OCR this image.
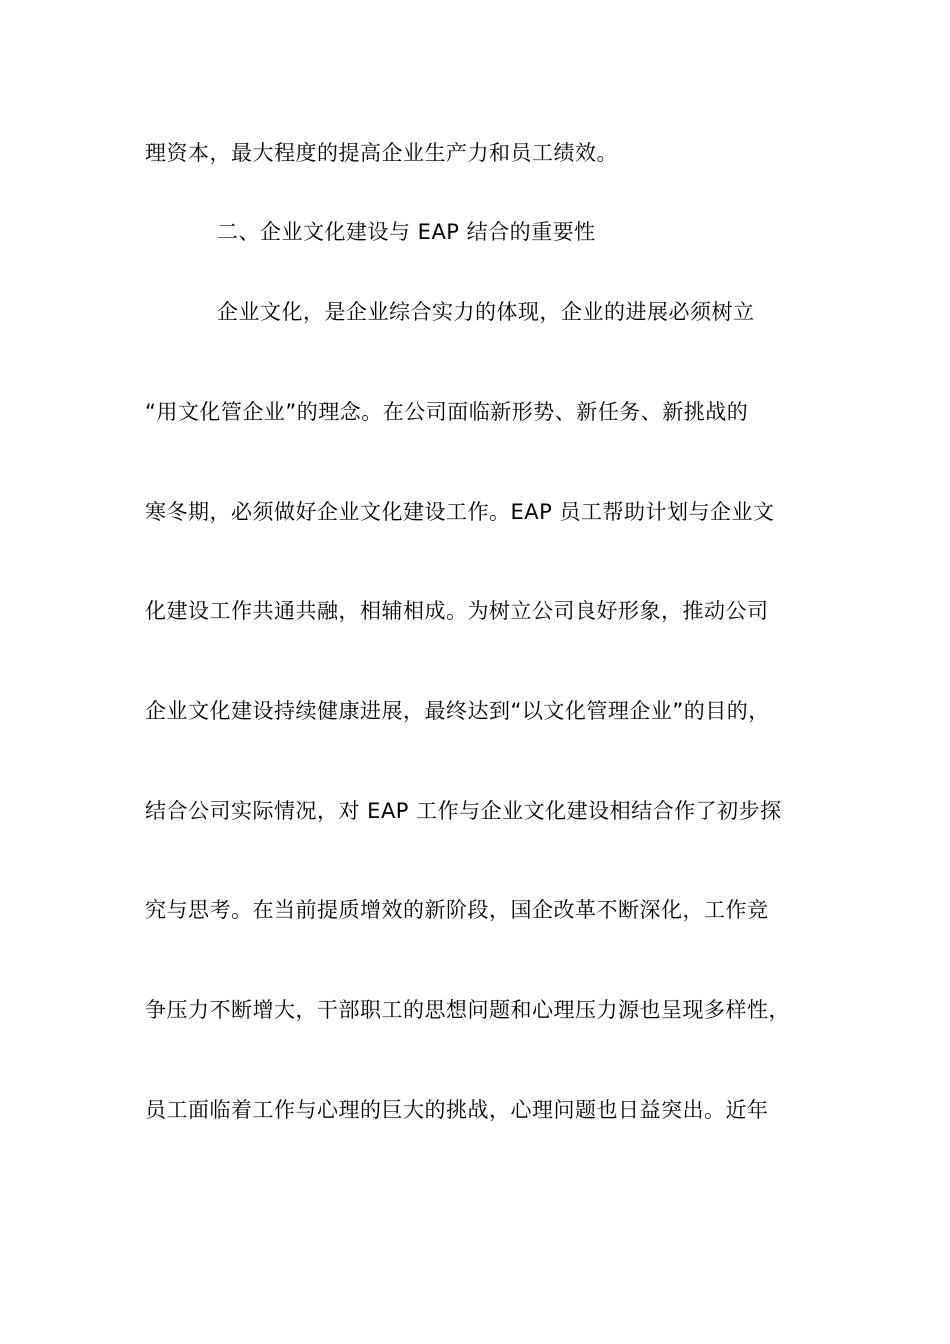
理资本，最大程度的提高企业生产力和员工绩效。
二、企业文化建设与 EAP 结合的重要性
企业文化，是企业综合实力的体现，企业的进展必须树立
“用文化管企业”的理念。在公司面临新形势、新任务、新挑战的
寒冬期，必须做好企业文化建设工作。EAP 员工帮助计划与企业文
化建设工作共通共融，相辅相成。为树立公司良好形象，推动公司
企业文化建设持续健康进展，最终达到“以文化管理企业”的目的，
结合公司实际情况，对 EAP 工作与企业文化建设相结合作了初步探
究与思考。在当前提质增效的新阶段，国企改革不断深化，工作竞
争压力不断增大，干部职工的思想问题和心理压力源也呈现多样性，
员工面临着工作与心理的巨大的挑战，心理问题也日益突出。近年
